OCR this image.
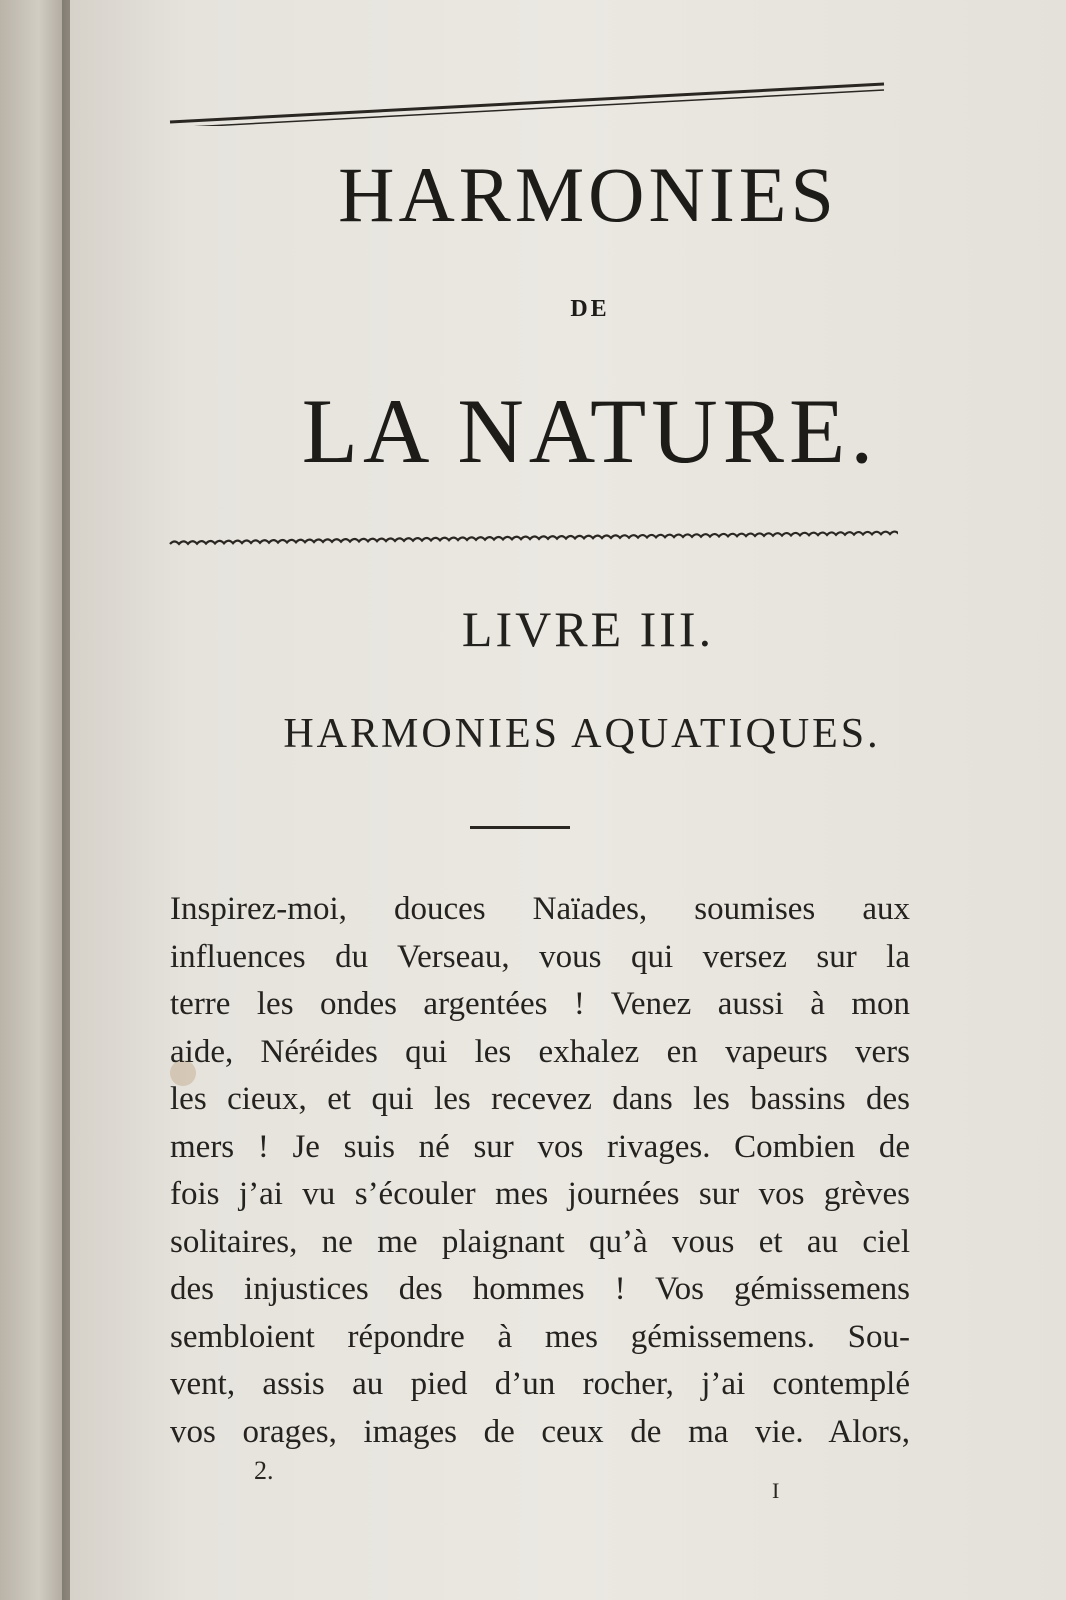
HARMONIES
DE
LA NATURE.
LIVRE III.
HARMONIES AQUATIQUES.

Inspirez-moi, douces Naïades, soumises aux
influences du Verseau, vous qui versez sur la
terre les ondes argentées ! Venez aussi à mon
aide, Néréides qui les exhalez en vapeurs vers
les cieux, et qui les recevez dans les bassins des
mers ! Je suis né sur vos rivages. Combien de
fois j’ai vu s’écouler mes journées sur vos grèves
solitaires, ne me plaignant qu’à vous et au ciel
des injustices des hommes ! Vos gémissemens
sembloient répondre à mes gémissemens. Sou-
vent, assis au pied d’un rocher, j’ai contemplé
vos orages, images de ceux de ma vie. Alors,

2.
I
